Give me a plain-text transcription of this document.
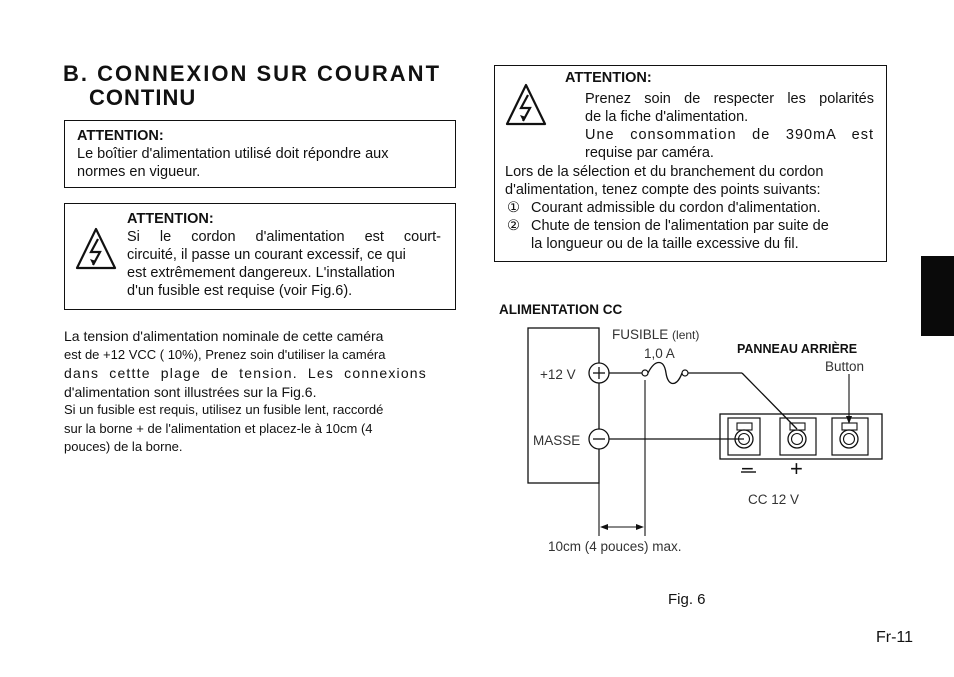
B. CONNEXION SUR COURANT
CONTINU
ATTENTION:
Le boîtier d'alimentation utilisé doit répondre aux
normes en vigueur.
ATTENTION:
Si le cordon d'alimentation est court-
circuité, il passe un courant excessif, ce qui
est extrêmement dangereux. L'installation
d'un fusible est requise (voir Fig.6).
La tension d'alimentation nominale de cette caméra
est de +12 VCC ( 10%), Prenez soin d'utiliser la caméra
dans cettte plage de tension. Les connexions
d'alimentation sont illustrées sur la Fig.6.
Si un fusible est requis, utilisez un fusible lent, raccordé
sur la borne + de l'alimentation et placez-le à 10cm (4
pouces) de la borne.
ATTENTION:
Prenez soin de respecter les polarités
de la fiche d'alimentation.
Une consommation de 390mA est
requise par caméra.
Lors de la sélection et du branchement du cordon
d'alimentation, tenez compte des points suivants:
① Courant admissible du cordon d'alimentation.
② Chute de tension de l'alimentation par suite de
la longueur ou de la taille excessive du fil.
ALIMENTATION CC
FUSIBLE (lent)
1,0 A
+12 V
MASSE
PANNEAU ARRIÈRE
Button
CC 12 V
10cm (4 pouces) max.
Fig. 6
− +
Fr-11
